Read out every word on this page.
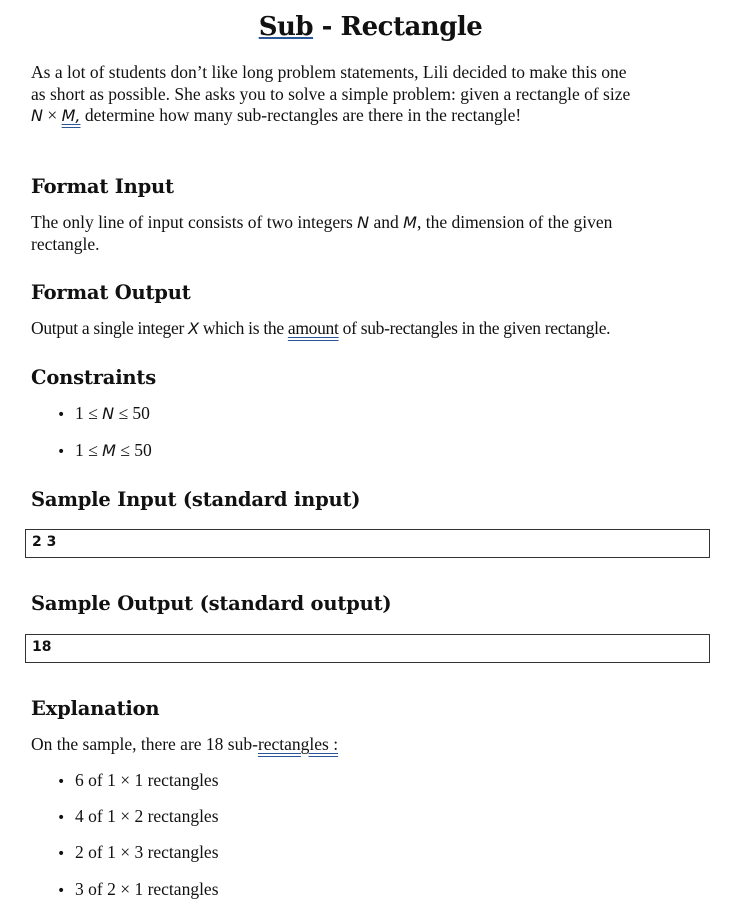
Sub - Rectangle
As a lot of students don’t like long problem statements, Lili decided to make this one
as short as possible. She asks you to solve a simple problem: given a rectangle of size
N × M, determine how many sub-rectangles are there in the rectangle!
Format Input
The only line of input consists of two integers N and M, the dimension of the given
rectangle.
Format Output
Output a single integer X which is the amount of sub-rectangles in the given rectangle.
Constraints
• 1 ≤ N ≤ 50
• 1 ≤ M ≤ 50
Sample Input (standard input)
2 3
Sample Output (standard output)
18
Explanation
On the sample, there are 18 sub-rectangles :
• 6 of 1 × 1 rectangles
• 4 of 1 × 2 rectangles
• 2 of 1 × 3 rectangles
• 3 of 2 × 1 rectangles
